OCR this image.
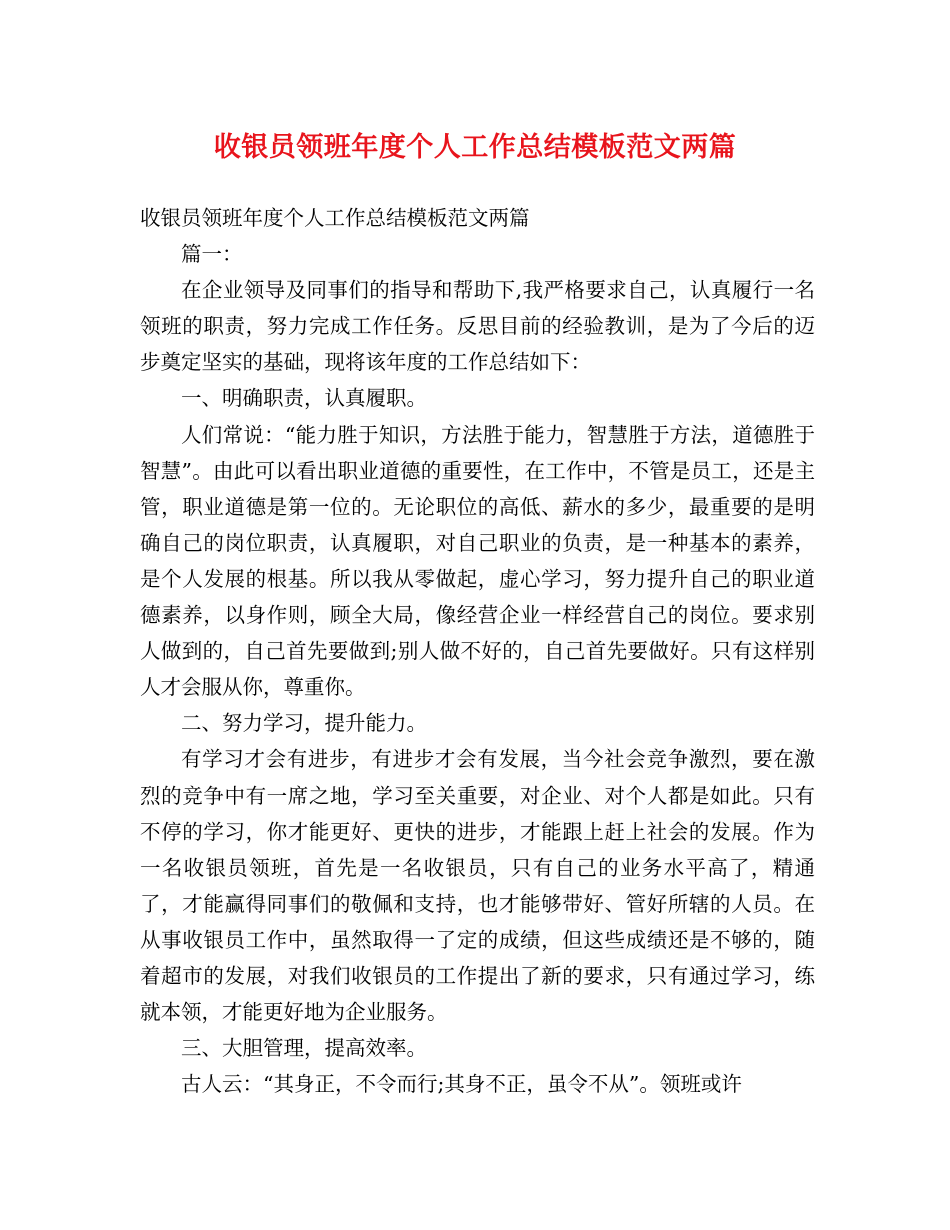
收银员领班年度个人工作总结模板范文两篇

收银员领班年度个人工作总结模板范文两篇

篇一：

在企业领导及同事们的指导和帮助下,我严格要求自己，认真履行一名领班的职责，努力完成工作任务。反思目前的经验教训，是为了今后的迈步奠定坚实的基础，现将该年度的工作总结如下：

一、明确职责，认真履职。

人们常说：“能力胜于知识，方法胜于能力，智慧胜于方法，道德胜于智慧”。由此可以看出职业道德的重要性，在工作中，不管是员工，还是主管，职业道德是第一位的。无论职位的高低、薪水的多少，最重要的是明确自己的岗位职责，认真履职，对自己职业的负责，是一种基本的素养，是个人发展的根基。所以我从零做起，虚心学习，努力提升自己的职业道德素养，以身作则，顾全大局，像经营企业一样经营自己的岗位。要求别人做到的，自己首先要做到;别人做不好的，自己首先要做好。只有这样别人才会服从你，尊重你。

二、努力学习，提升能力。

有学习才会有进步，有进步才会有发展，当今社会竞争激烈，要在激烈的竞争中有一席之地，学习至关重要，对企业、对个人都是如此。只有不停的学习，你才能更好、更快的进步，才能跟上赶上社会的发展。作为一名收银员领班，首先是一名收银员，只有自己的业务水平高了，精通了，才能赢得同事们的敬佩和支持，也才能够带好、管好所辖的人员。在从事收银员工作中，虽然取得一了定的成绩，但这些成绩还是不够的，随着超市的发展，对我们收银员的工作提出了新的要求，只有通过学习，练就本领，才能更好地为企业服务。

三、大胆管理，提高效率。

古人云：“其身正，不令而行;其身不正，虽令不从”。领班或许
